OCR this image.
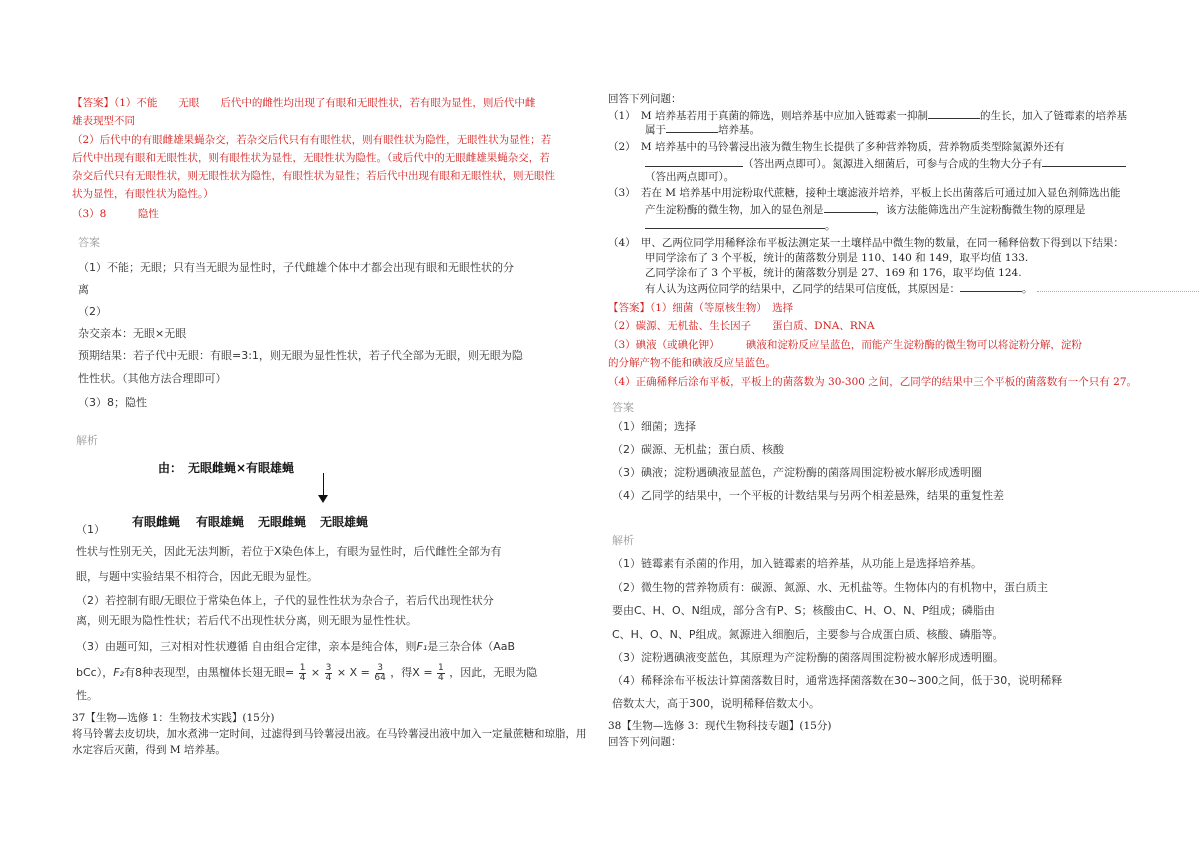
【答案】（1）不能　　无眼　　后代中的雌性均出现了有眼和无眼性状，若有眼为显性，则后代中雌
雄表现型不同
（2）后代中的有眼雌雄果蝇杂交，若杂交后代只有有眼性状，则有眼性状为隐性，无眼性状为显性；若
后代中出现有眼和无眼性状，则有眼性状为显性，无眼性状为隐性。（或后代中的无眼雌雄果蝇杂交，若
杂交后代只有无眼性状，则无眼性状为隐性，有眼性状为显性；若后代中出现有眼和无眼性状，则无眼性
状为显性，有眼性状为隐性。）
（3）8　　　隐性
答案
（1）不能；无眼；只有当无眼为显性时，子代雌雄个体中才都会出现有眼和无眼性状的分
离
（2）
杂交亲本：无眼×无眼
预期结果：若子代中无眼：有眼=3:1，则无眼为显性性状，若子代全部为无眼，则无眼为隐
性性状。（其他方法合理即可）
（3）8；隐性
解析
由：　无眼雌蝇×有眼雄蝇
有眼雌蝇 有眼雄蝇 无眼雌蝇 无眼雄蝇
（1）
性状与性别无关，因此无法判断，若位于X染色体上，有眼为显性时，后代雌性全部为有
眼，与题中实验结果不相符合，因此无眼为显性。
（2）若控制有眼/无眼位于常染色体上，子代的显性性状为杂合子，若后代出现性状分
离，则无眼为隐性性状；若后代不出现性状分离，则无眼为显性性状。
（3）由题可知，三对相对性状遵循 自由组合定律，亲本是纯合体，则F₁是三杂合体（AaB
bCc），F₂有8种表现型，由黑檀体长翅无眼= $\frac{1}{4} \times \frac{3}{4} \times X = \frac{3}{64}$ ，得$X = \frac{1}{4}$ ，因此，无眼为隐
性。
37【生物—选修 1：生物技术实践】(15分)
将马铃薯去皮切块，加水煮沸一定时间，过滤得到马铃薯浸出液。在马铃薯浸出液中加入一定量蔗糖和琼脂，用
水定容后灭菌，得到 M 培养基。
回答下列问题：
（1）　M 培养基若用于真菌的筛选，则培养基中应加入链霉素一抑制	的生长，加入了链霉素的培养基
属于	培养基。
（2）　M 培养基中的马铃薯浸出液为微生物生长提供了多种营养物质，营养物质类型除氮源外还有
（答出两点即可）。氮源进入细菌后，可参与合成的生物大分子有
（答出两点即可）。
（3）　若在 M 培养基中用淀粉取代蔗糖，接种土壤滤液并培养，平板上长出菌落后可通过加入显色剂筛选出能
产生淀粉酶的微生物，加入的显色剂是	，该方法能筛选出产生淀粉酶微生物的原理是
。
（4）　甲、乙两位同学用稀释涂布平板法测定某一土壤样品中微生物的数量，在同一稀释倍数下得到以下结果：
甲同学涂布了 3 个平板，统计的菌落数分别是 110、140 和 149，取平均值 133.
乙同学涂布了 3 个平板，统计的菌落数分别是 27、169 和 176，取平均值 124.
有人认为这两位同学的结果中，乙同学的结果可信度低，其原因是：	。
【答案】（1）细菌（等原核生物）　选择
（2）碳源、无机盐、生长因子　　蛋白质、DNA、RNA
（3）碘液（或碘化钾）　　　碘液和淀粉反应呈蓝色，而能产生淀粉酶的微生物可以将淀粉分解，淀粉
的分解产物不能和碘液反应呈蓝色。
（4）正确稀释后涂布平板，平板上的菌落数为 30-300 之间，乙同学的结果中三个平板的菌落数有一个只有 27。
答案
（1）细菌；选择
（2）碳源、无机盐；蛋白质、核酸
（3）碘液；淀粉遇碘液显蓝色，产淀粉酶的菌落周围淀粉被水解形成透明圈
（4）乙同学的结果中，一个平板的计数结果与另两个相差悬殊，结果的重复性差
解析
（1）链霉素有杀菌的作用，加入链霉素的培养基，从功能上是选择培养基。
（2）微生物的营养物质有：碳源、氮源、水、无机盐等。生物体内的有机物中，蛋白质主
要由C、H、O、N组成，部分含有P、S；核酸由C、H、O、N、P组成；磷脂由
C、H、O、N、P组成。氮源进入细胞后，主要参与合成蛋白质、核酸、磷脂等。
（3）淀粉遇碘液变蓝色，其原理为产淀粉酶的菌落周围淀粉被水解形成透明圈。
（4）稀释涂布平板法计算菌落数目时，通常选择菌落数在30~300之间，低于30，说明稀释
倍数太大，高于300，说明稀释倍数太小。
38【生物—选修 3：现代生物科技专题】(15分)
回答下列问题：
